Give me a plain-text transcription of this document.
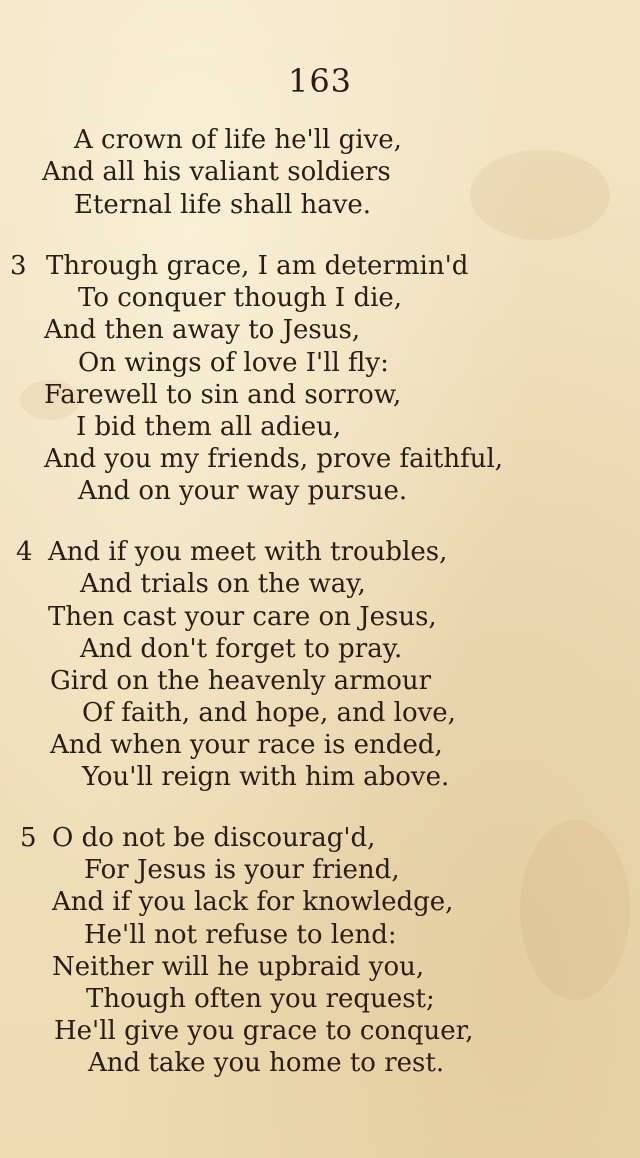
163
A crown of life he'll give,
And all his valiant soldiers
Eternal life shall have.
3 Through grace, I am determin'd
To conquer though I die,
And then away to Jesus,
On wings of love I'll fly:
Farewell to sin and sorrow,
I bid them all adieu,
And you my friends, prove faithful,
And on your way pursue.
4 And if you meet with troubles,
And trials on the way,
Then cast your care on Jesus,
And don't forget to pray.
Gird on the heavenly armour
Of faith, and hope, and love,
And when your race is ended,
You'll reign with him above.
5 O do not be discourag'd,
For Jesus is your friend,
And if you lack for knowledge,
He'll not refuse to lend:
Neither will he upbraid you,
Though often you request;
He'll give you grace to conquer,
And take you home to rest.
